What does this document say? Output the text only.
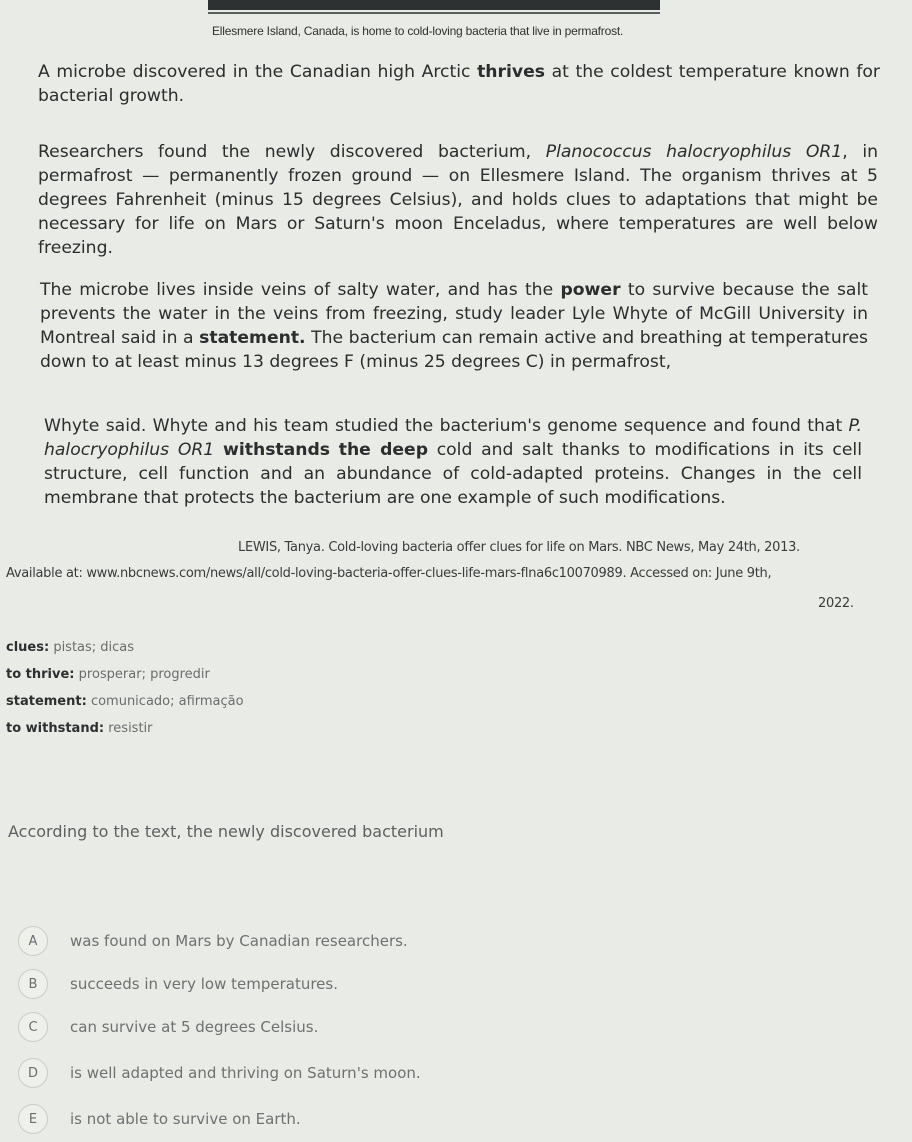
Ellesmere Island, Canada, is home to cold-loving bacteria that live in permafrost.

A microbe discovered in the Canadian high Arctic thrives at the coldest temperature known for bacterial growth.

Researchers found the newly discovered bacterium, Planococcus halocryophilus OR1, in permafrost — permanently frozen ground — on Ellesmere Island. The organism thrives at 5 degrees Fahrenheit (minus 15 degrees Celsius), and holds clues to adaptations that might be necessary for life on Mars or Saturn's moon Enceladus, where temperatures are well below freezing.

The microbe lives inside veins of salty water, and has the power to survive because the salt prevents the water in the veins from freezing, study leader Lyle Whyte of McGill University in Montreal said in a statement. The bacterium can remain active and breathing at temperatures down to at least minus 13 degrees F (minus 25 degrees C) in permafrost,

Whyte said. Whyte and his team studied the bacterium's genome sequence and found that P. halocryophilus OR1 withstands the deep cold and salt thanks to modifications in its cell structure, cell function and an abundance of cold-adapted proteins. Changes in the cell membrane that protects the bacterium are one example of such modifications.

LEWIS, Tanya. Cold-loving bacteria offer clues for life on Mars. NBC News, May 24th, 2013.
Available at: www.nbcnews.com/news/all/cold-loving-bacteria-offer-clues-life-mars-flna6c10070989. Accessed on: June 9th,
2022.
clues: pistas; dicas
to thrive: prosperar; progredir
statement: comunicado; afirmação
to withstand: resistir
According to the text, the newly discovered bacterium
A	was found on Mars by Canadian researchers.
B	succeeds in very low temperatures.
C	can survive at 5 degrees Celsius.
D	is well adapted and thriving on Saturn's moon.
E	is not able to survive on Earth.
